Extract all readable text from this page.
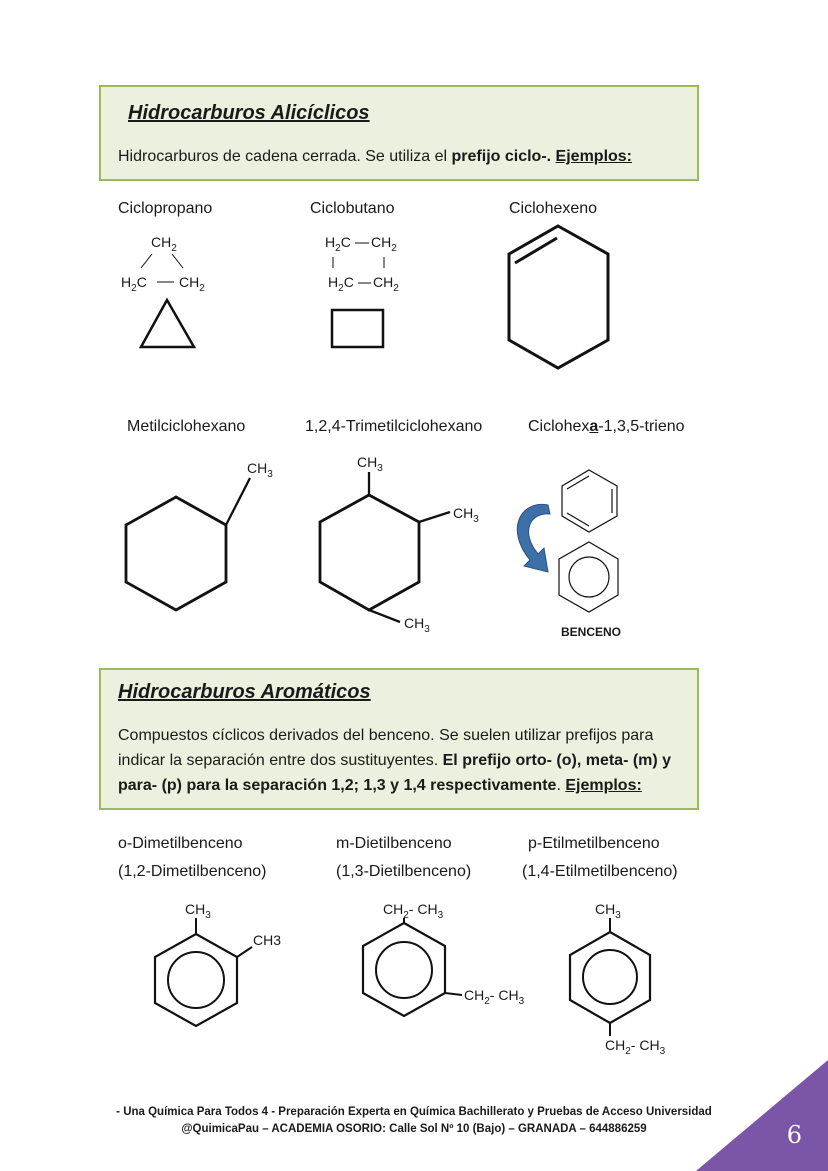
Hidrocarburos Alicíclicos
Hidrocarburos de cadena cerrada. Se utiliza el prefijo ciclo-. Ejemplos:
Ciclopropano	Ciclobutano	Ciclohexeno
$CH_2$
$H_2C$ $CH_2$
$H_2C$ $CH_2$
$H_2C$ $CH_2$
Metilciclohexano	1,2,4-Trimetilciclohexano	Ciclohexa-1,3,5-trieno
$CH_3$
$CH_3$
$CH_3$
$CH_3$	BENCENO
Hidrocarburos Aromáticos
Compuestos cíclicos derivados del benceno. Se suelen utilizar prefijos para
indicar la separación entre dos sustituyentes. El prefijo orto- (o), meta- (m) y
para- (p) para la separación 1,2; 1,3 y 1,4 respectivamente. Ejemplos:
o-Dimetilbenceno
(1,2-Dimetilbenceno)
m-Dietilbenceno
(1,3-Dietilbenceno)
p-Etilmetilbenceno
(1,4-Etilmetilbenceno)
$CH_3$
CH3
$CH_2-$ $CH_3$
$CH_2-$ $CH_3$
$CH_3$
$CH_2-$ $CH_3$
- Una Química Para Todos 4 - Preparación Experta en Química Bachillerato y Pruebas de Acceso Universidad
@QuimicaPau – ACADEMIA OSORIO: Calle Sol Nº 10 (Bajo) – GRANADA – 644886259	6
